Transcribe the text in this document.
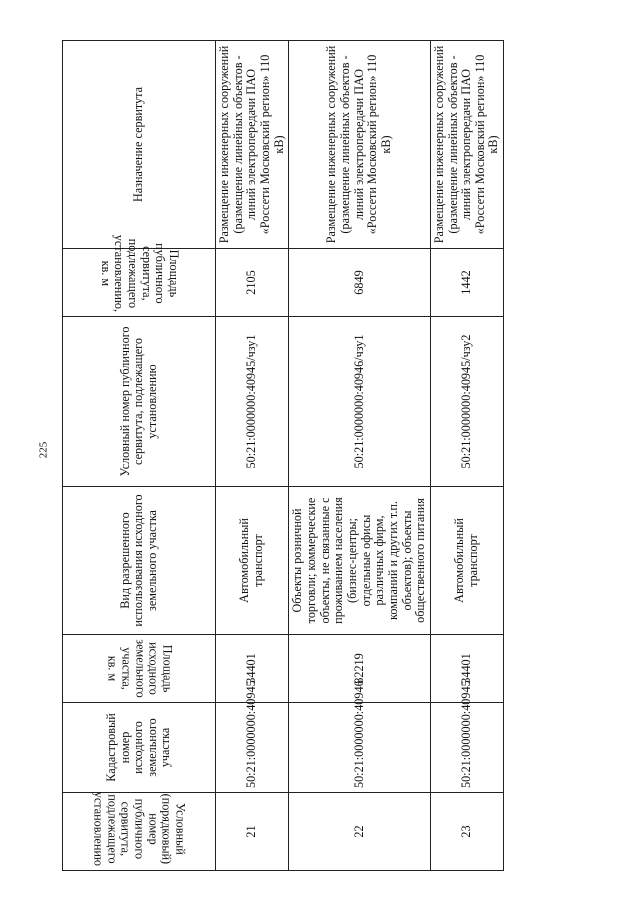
225
Условный (порядковый) номер публичного сервитута, подлежащего установлению	Кадастровый номер исходного земельного участка	Площадь исходного земельного участка, кв. м	Вид разрешенного использования исходного земельного участка	Условный номер публичного сервитута, подлежащего установлению	Площадь публичного сервитута, подлежащего установлению, кв. м	Назначение сервитута
21	50:21:0000000:40945	34401	Автомобильный транспорт	50:21:0000000:40945/чзу1	2105	Размещение инженерных сооружений (размещение линейных объектов - линий электропередачи ПАО «Россети Московский регион» 110 кВ)
22	50:21:0000000:40946	82219	Объекты розничной торговли; коммерческие объекты, не связанные с проживанием населения (бизнес-центры; отдельные офисы различных фирм, компаний и других т.п. объектов); объекты общественного питания	50:21:0000000:40946/чзу1	6849	Размещение инженерных сооружений (размещение линейных объектов - линий электропередачи ПАО «Россети Московский регион» 110 кВ)
23	50:21:0000000:40945	34401	Автомобильный транспорт	50:21:0000000:40945/чзу2	1442	Размещение инженерных сооружений (размещение линейных объектов - линий электропередачи ПАО «Россети Московский регион» 110 кВ)
